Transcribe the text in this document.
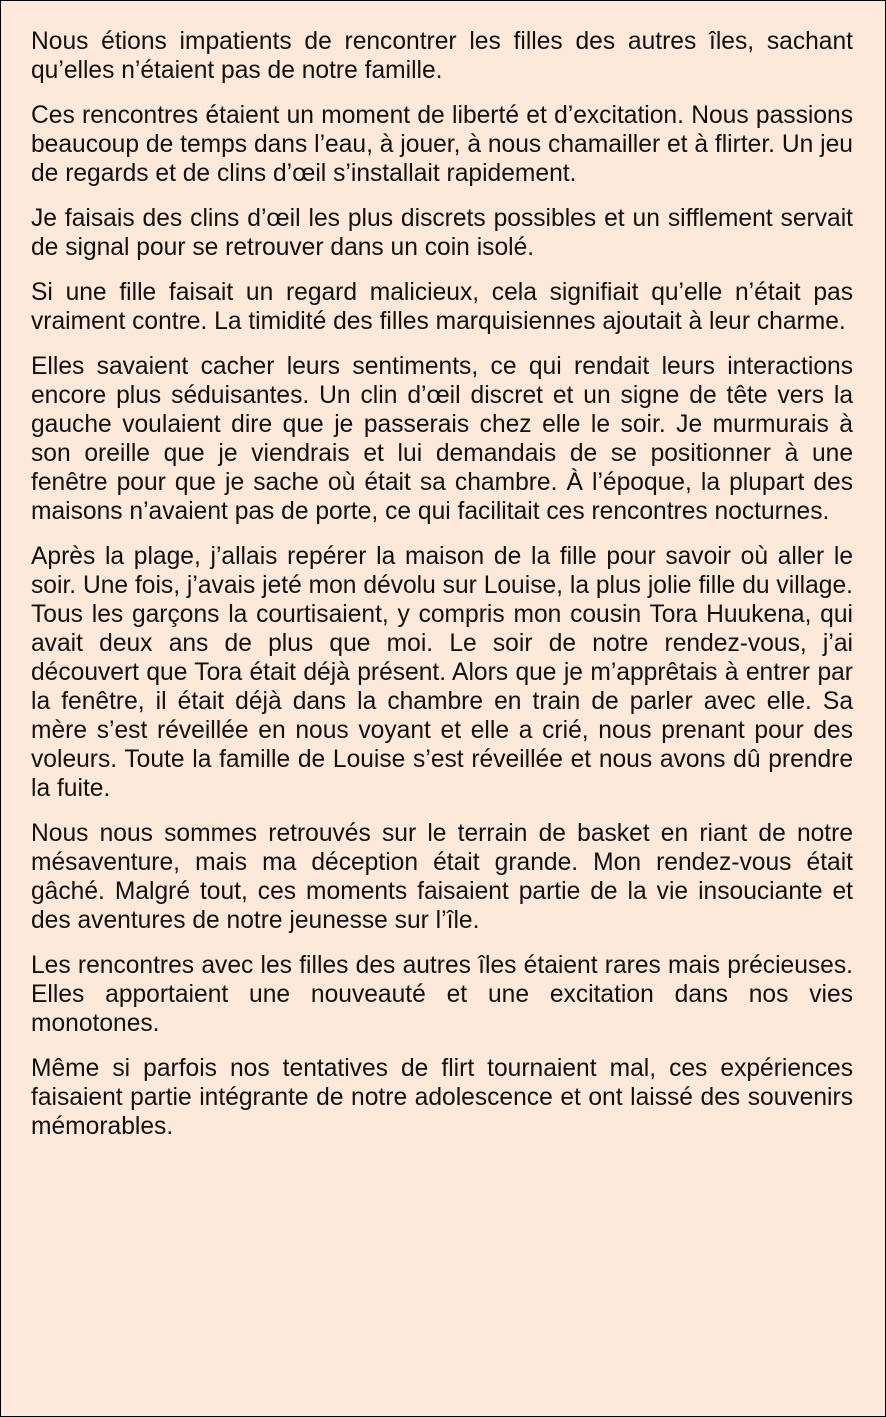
Nous étions impatients de rencontrer les filles des autres îles, sachant qu’elles n’étaient pas de notre famille.

Ces rencontres étaient un moment de liberté et d’excitation. Nous passions beaucoup de temps dans l’eau, à jouer, à nous chamailler et à flirter. Un jeu de regards et de clins d’œil s’installait rapidement.

Je faisais des clins d’œil les plus discrets possibles et un sifflement servait de signal pour se retrouver dans un coin isolé.

Si une fille faisait un regard malicieux, cela signifiait qu’elle n’était pas vraiment contre. La timidité des filles marquisiennes ajoutait à leur charme.

Elles savaient cacher leurs sentiments, ce qui rendait leurs interactions encore plus séduisantes. Un clin d’œil discret et un signe de tête vers la gauche voulaient dire que je passerais chez elle le soir. Je murmurais à son oreille que je viendrais et lui demandais de se positionner à une fenêtre pour que je sache où était sa chambre. À l’époque, la plupart des maisons n’avaient pas de porte, ce qui facilitait ces rencontres nocturnes.

Après la plage, j’allais repérer la maison de la fille pour savoir où aller le soir. Une fois, j’avais jeté mon dévolu sur Louise, la plus jolie fille du village. Tous les garçons la courtisaient, y compris mon cousin Tora Huukena, qui avait deux ans de plus que moi. Le soir de notre rendez-vous, j’ai découvert que Tora était déjà présent. Alors que je m’apprêtais à entrer par la fenêtre, il était déjà dans la chambre en train de parler avec elle. Sa mère s’est réveillée en nous voyant et elle a crié, nous prenant pour des voleurs. Toute la famille de Louise s’est réveillée et nous avons dû prendre la fuite.

Nous nous sommes retrouvés sur le terrain de basket en riant de notre mésaventure, mais ma déception était grande. Mon rendez-vous était gâché. Malgré tout, ces moments faisaient partie de la vie insouciante et des aventures de notre jeunesse sur l’île.

Les rencontres avec les filles des autres îles étaient rares mais précieuses. Elles apportaient une nouveauté et une excitation dans nos vies monotones.

Même si parfois nos tentatives de flirt tournaient mal, ces expériences faisaient partie intégrante de notre adolescence et ont laissé des souvenirs mémorables.
